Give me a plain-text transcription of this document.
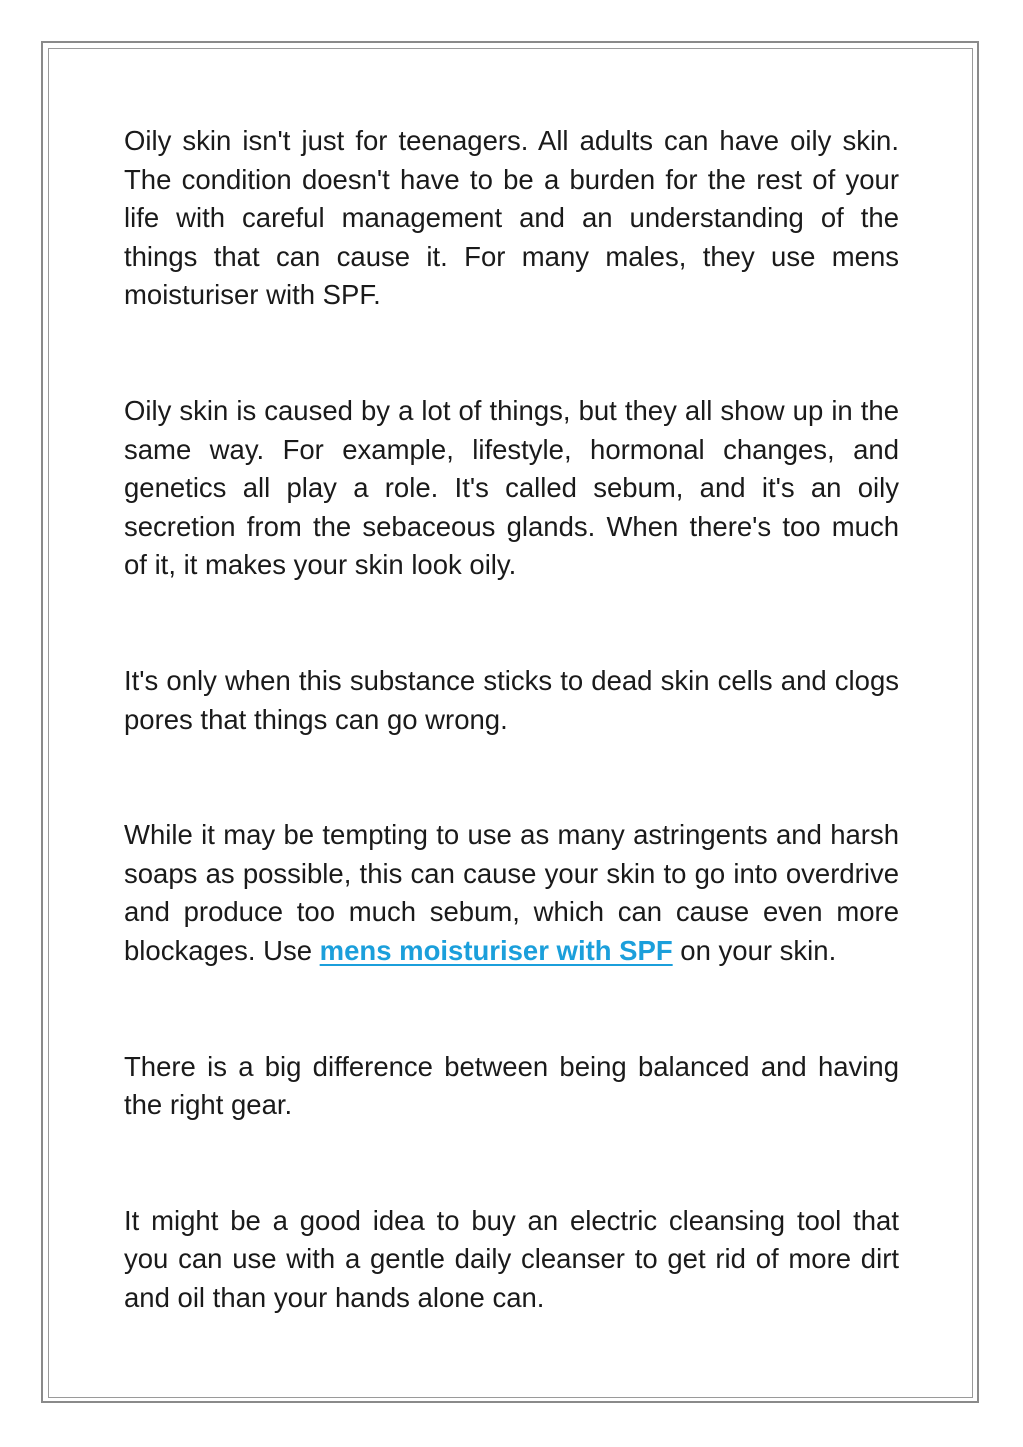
Oily skin isn't just for teenagers. All adults can have oily skin. The condition doesn't have to be a burden for the rest of your life with careful management and an understanding of the things that can cause it. For many males, they use mens moisturiser with SPF.

Oily skin is caused by a lot of things, but they all show up in the same way. For example, lifestyle, hormonal changes, and genetics all play a role. It's called sebum, and it's an oily secretion from the sebaceous glands. When there's too much of it, it makes your skin look oily.

It's only when this substance sticks to dead skin cells and clogs pores that things can go wrong.

While it may be tempting to use as many astringents and harsh soaps as possible, this can cause your skin to go into overdrive and produce too much sebum, which can cause even more blockages. Use mens moisturiser with SPF on your skin.

There is a big difference between being balanced and having the right gear.

It might be a good idea to buy an electric cleansing tool that you can use with a gentle daily cleanser to get rid of more dirt and oil than your hands alone can.
